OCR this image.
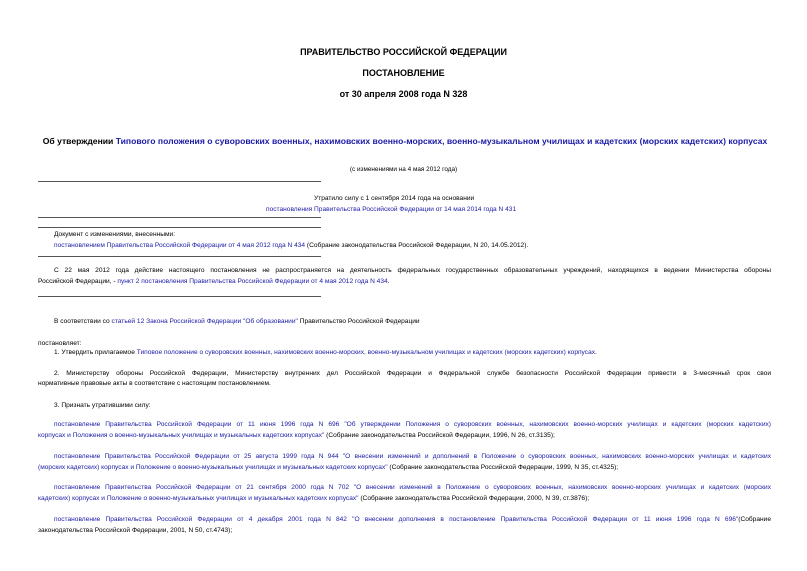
ПРАВИТЕЛЬСТВО РОССИЙСКОЙ ФЕДЕРАЦИИ
ПОСТАНОВЛЕНИЕ
от 30 апреля 2008 года N 328
Об утверждении Типового положения о суворовских военных, нахимовских военно-морских, военно-музыкальном училищах и кадетских (морских кадетских) корпусах
(с изменениями на 4 мая 2012 года)
Утратило силу с 1 сентября 2014 года на основании
постановления Правительства Российской Федерации от 14 мая 2014 года N 431
Документ с изменениями, внесенными:
постановлением Правительства Российской Федерации от 4 мая 2012 года N 434 (Собрание законодательства Российской Федерации, N 20, 14.05.2012).
С 22 мая 2012 года действие настоящего постановления не распространяется на деятельность федеральных государственных образовательных учреждений, находящихся в ведении Министерства обороны
Российской Федерации, - пункт 2 постановления Правительства Российской Федерации от 4 мая 2012 года N 434.
В соответствии со статьей 12 Закона Российской Федерации "Об образовании" Правительство Российской Федерации
постановляет:
1. Утвердить прилагаемое Типовое положение о суворовских военных, нахимовских военно-морских, военно-музыкальном училищах и кадетских (морских кадетских) корпусах.
2. Министерству обороны Российской Федерации, Министерству внутренних дел Российской Федерации и Федеральной службе безопасности Российской Федерации привести в 3-месячный срок свои
нормативные правовые акты в соответствие с настоящим постановлением.
3. Признать утратившими силу:
постановление Правительства Российской Федерации от 11 июня 1996 года N 696 "Об утверждении Положения о суворовских военных, нахимовских военно-морских училищах и кадетских (морских кадетских)
корпусах и Положения о военно-музыкальных училищах и музыкальных кадетских корпусах" (Собрание законодательства Российской Федерации, 1996, N 26, ст.3135);
постановление Правительства Российской Федерации от 25 августа 1999 года N 944 "О внесении изменений и дополнений в Положение о суворовских военных, нахимовских военно-морских училищах и кадетских
(морских кадетских) корпусах и Положение о военно-музыкальных училищах и музыкальных кадетских корпусах" (Собрание законодательства Российской Федерации, 1999, N 35, ст.4325);
постановление Правительства Российской Федерации от 21 сентября 2000 года N 702 "О внесении изменений в Положение о суворовских военных, нахимовских военно-морских училищах и кадетских (морских
кадетских) корпусах и Положение о военно-музыкальных училищах и музыкальных кадетских корпусах" (Собрание законодательства Российской Федерации, 2000, N 39, ст.3876);
постановление Правительства Российской Федерации от 4 декабря 2001 года N 842 "О внесении дополнения в постановление Правительства Российской Федерации от 11 июня 1996 года N 696"(Собрание
законодательства Российской Федерации, 2001, N 50, ст.4743);
